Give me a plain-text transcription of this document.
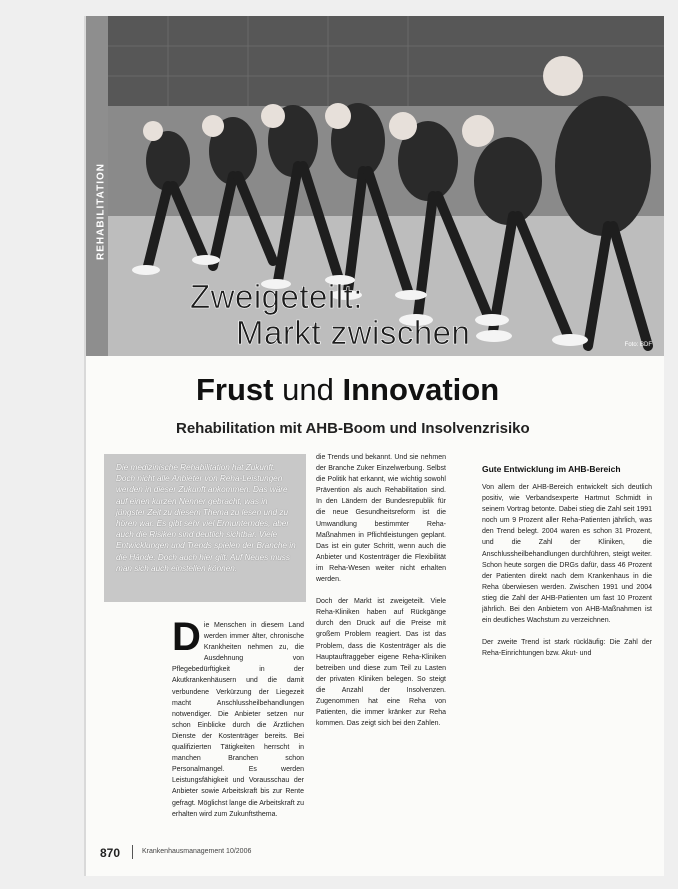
REHABILITATION
Zweigeteilt:
Markt zwischen	Foto: BDF
Frust und Innovation
Rehabilitation mit AHB-Boom und Insolvenzrisiko
Die medizinische Rehabilitation hat Zukunft. Doch nicht alle Anbieter von Reha-Leistungen werden in dieser Zukunft ankommen. Das wäre auf einen kurzen Nenner gebracht, was in jüngster Zeit zu diesem Thema zu lesen und zu hören war. Es gibt sehr viel Ermunterndes, aber auch die Risiken sind deutlich sichtbar. Viele Entwicklungen und Trends spielen der Branche in die Hände. Doch auch hier gilt: Auf Neues muss man sich auch einstellen können.
Die Menschen in diesem Land werden immer älter, chronische Krankheiten nehmen zu, die Ausdehnung von Pflegebedürftigkeit in der Akutkrankenhäusern und die damit verbundene Verkürzung der Liegezeit macht Anschlussheilbehandlungen notwendiger. Die Anbieter setzen nur schon Einblicke durch die Ärztlichen Dienste der Kostenträger bereits. Bei qualifizierten Tätigkeiten herrscht in manchen Branchen schon Personalmangel. Es werden Leistungsfähigkeit und Vorausschau der Anbieter sowie Arbeitskraft bis zur Rente gefragt. Möglichst lange die Arbeitskraft zu erhalten wird zum Zukunftsthema.
die Trends und bekannt. Und sie nehmen der Branche Zuker Einzelwerbung. Selbst die Politik hat erkannt, wie wichtig sowohl Prävention als auch Rehabilitation sind. In den Ländern der Bundesrepublik für die neue Gesundheitsreform ist die Umwandlung bestimmter Reha-Maßnahmen in Pflichtleistungen geplant. Das ist ein guter Schritt, wenn auch die Anbieter und Kostenträger die Flexibilität im Reha-Wesen weiter nicht erhalten werden.
Doch der Markt ist zweigeteilt. Viele Reha-Kliniken haben auf Rückgänge durch den Druck auf die Preise mit großem Problem reagiert. Das ist das Problem, dass die Kostenträger als die Hauptauftraggeber eigene Reha-Kliniken betreiben und diese zum Teil zu Lasten der privaten Kliniken belegen. So steigt die Anzahl der Insolvenzen. Zugenommen hat eine Reha von Patienten, die immer kränker zur Reha kommen. Das zeigt sich bei den Zahlen.
Gute Entwicklung im AHB-Bereich
Von allem der AHB-Bereich entwickelt sich deutlich positiv, wie Verbandsexperte Hartmut Schmidt in seinem Vortrag betonte. Dabei stieg die Zahl seit 1991 noch um 9 Prozent aller Reha-Patienten jährlich, was den Trend belegt. 2004 waren es schon 31 Prozent, und die Zahl der Kliniken, die Anschlussheilbehandlungen durchführen, steigt weiter. Schon heute sorgen die DRGs dafür, dass 46 Prozent der Patienten direkt nach dem Krankenhaus in die Reha überwiesen werden. Zwischen 1991 und 2004 stieg die Zahl der AHB-Patienten um fast 10 Prozent jährlich. Bei den Anbietern von AHB-Maßnahmen ist ein deutliches Wachstum zu verzeichnen.
Der zweite Trend ist stark rückläufig: Die Zahl der Reha-Einrichtungen bzw. Akut- und
870	Krankenhausmanagement 10/2006
